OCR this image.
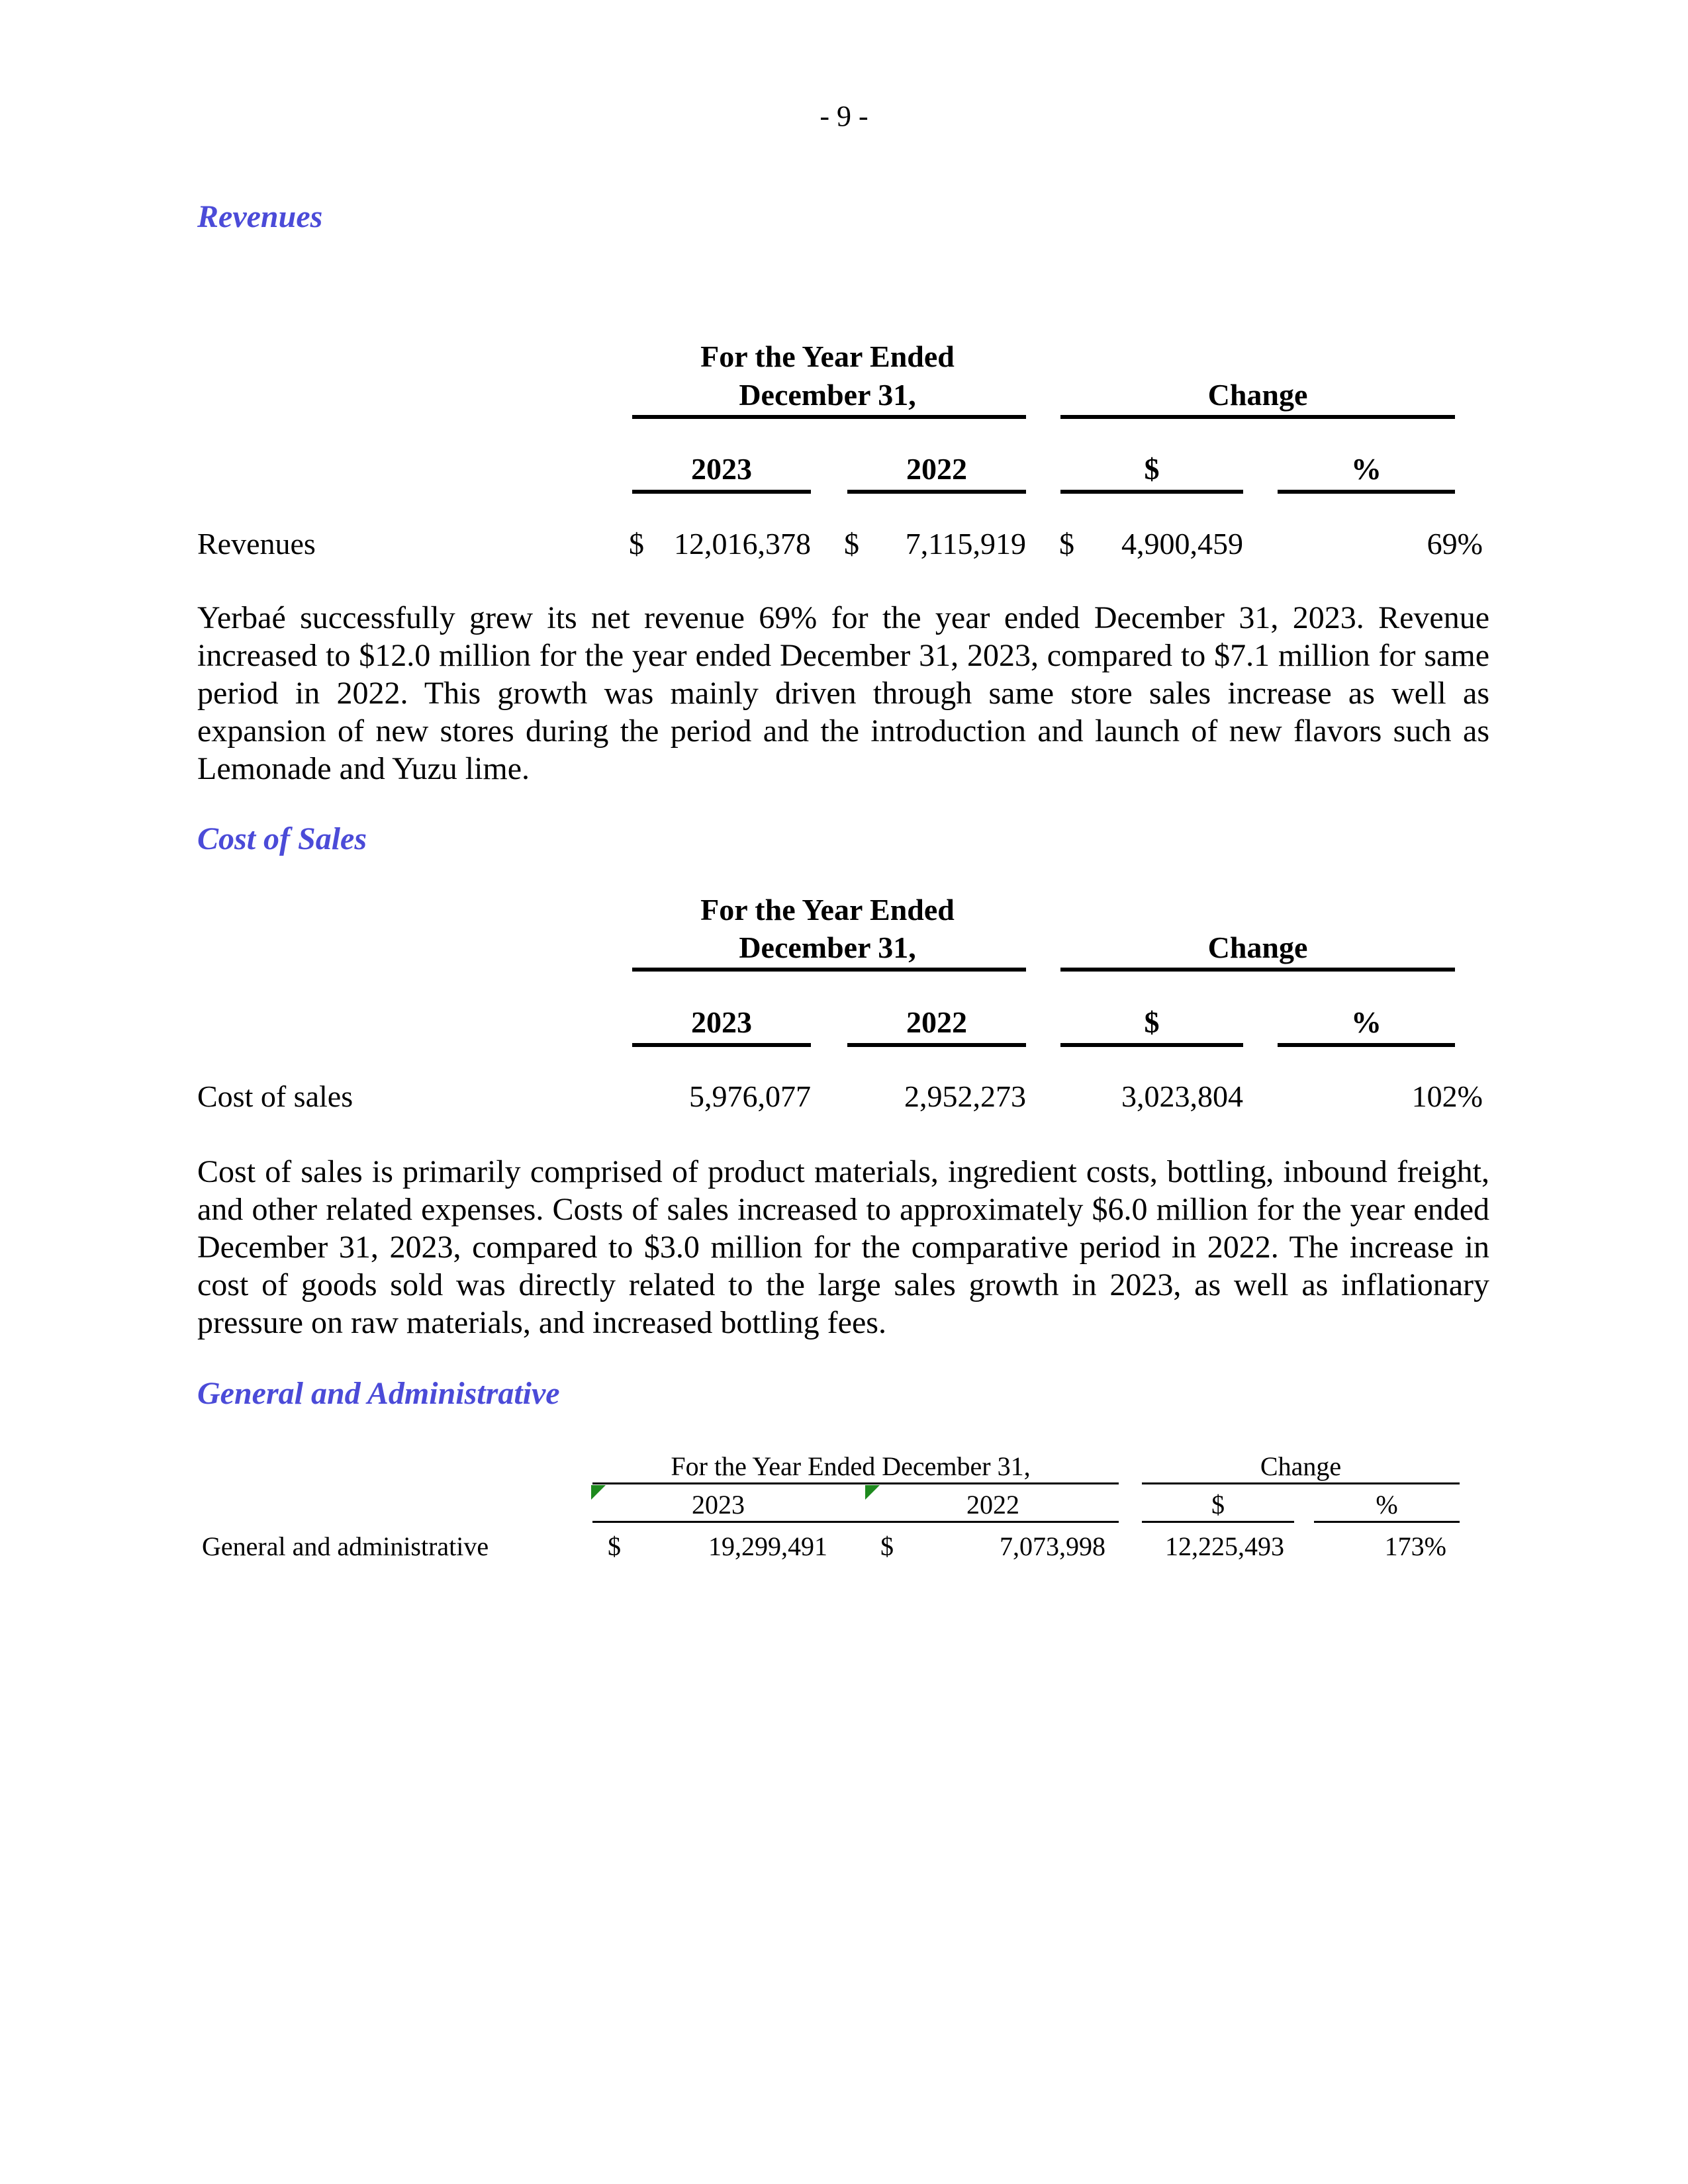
- 9 -
Revenues
For the Year Ended
December 31,	Change
2023	2022	$	%
Revenues	$ 12,016,378 $	7,115,919 $	4,900,459	69%
Yerbaé successfully grew its net revenue 69% for the year ended December 31, 2023. Revenue increased to $12.0 million for the year ended December 31, 2023, compared to $7.1 million for same period in 2022. This growth was mainly driven through same store sales increase as well as expansion of new stores during the period and the introduction and launch of new flavors such as Lemonade and Yuzu lime.
Cost of Sales
For the Year Ended
December 31,	Change
2023	2022	$	%
Cost of sales	5,976,077	2,952,273	3,023,804	102%
Cost of sales is primarily comprised of product materials, ingredient costs, bottling, inbound freight, and other related expenses. Costs of sales increased to approximately $6.0 million for the year ended December 31, 2023, compared to $3.0 million for the comparative period in 2022. The increase in cost of goods sold was directly related to the large sales growth in 2023, as well as inflationary pressure on raw materials, and increased bottling fees.
General and Administrative
For the Year Ended December 31,	Change
2023	2022	$	%
General and administrative	$	19,299,491 $	7,073,998	12,225,493	173%
